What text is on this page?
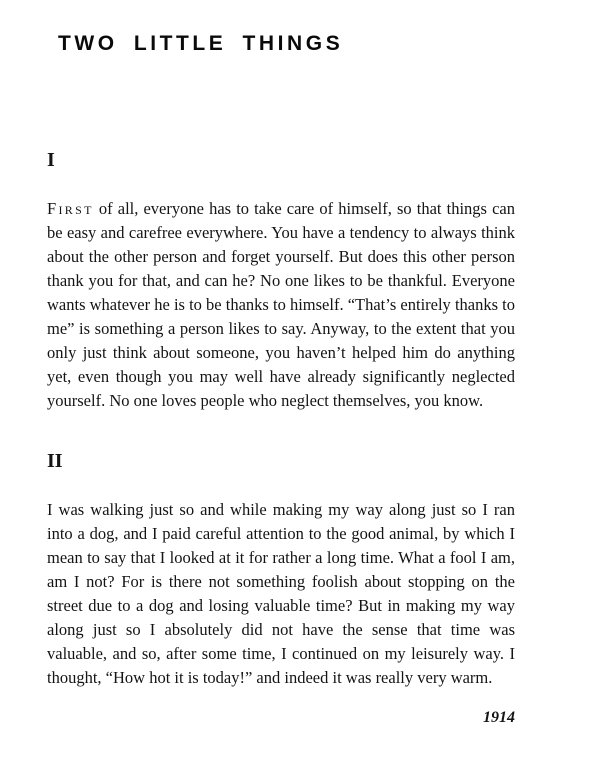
TWO LITTLE THINGS
I

First of all, everyone has to take care of himself, so that things can be easy and carefree everywhere. You have a tendency to always think about the other person and forget yourself. But does this other person thank you for that, and can he? No one likes to be thankful. Everyone wants whatever he is to be thanks to himself. “That’s entirely thanks to me” is something a person likes to say. Anyway, to the extent that you only just think about someone, you haven’t helped him do anything yet, even though you may well have already significantly neglected yourself. No one loves people who neglect themselves, you know.

II

I was walking just so and while making my way along just so I ran into a dog, and I paid careful attention to the good animal, by which I mean to say that I looked at it for rather a long time. What a fool I am, am I not? For is there not something foolish about stopping on the street due to a dog and losing valuable time? But in making my way along just so I absolutely did not have the sense that time was valuable, and so, after some time, I continued on my leisurely way. I thought, “How hot it is today!” and indeed it was really very warm.

1914
